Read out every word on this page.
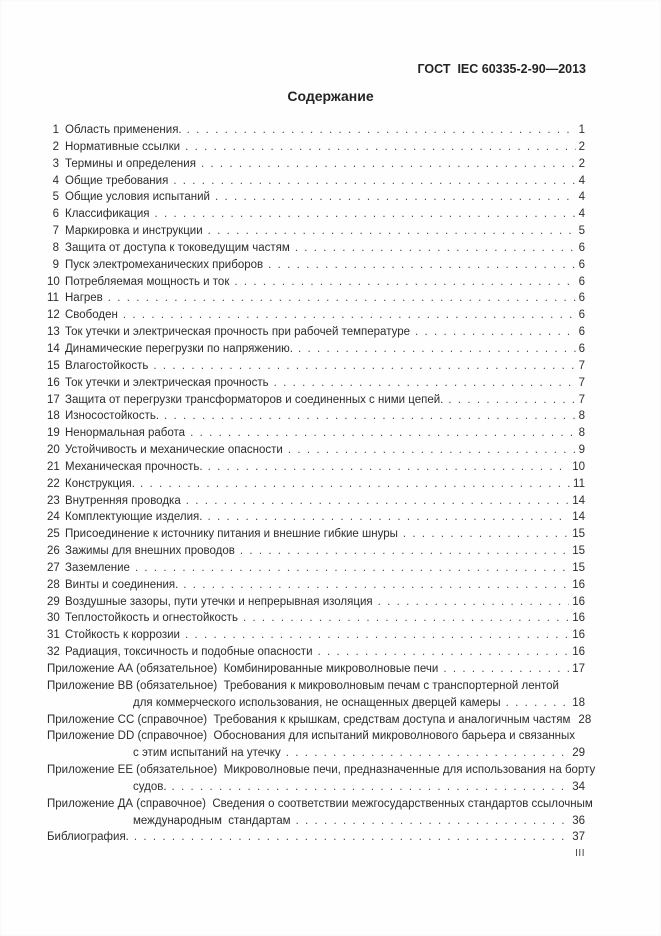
ГОСТ  IEC 60335-2-90—2013
Содержание
1 Область применения. .....	1
2 Нормативные ссылки .....	2
3 Термины и определения .....	2
4 Общие требования .....	4
5 Общие условия испытаний .....	4
6 Классификация .....	4
7 Маркировка и инструкции .....	5
8 Защита от доступа к токоведущим частям .....	6
9 Пуск электромеханических приборов .....	6
10 Потребляемая мощность и ток .....	6
11 Нагрев .....	6
12 Свободен .....	6
13 Ток утечки и электрическая прочность при рабочей температуре .....	6
14 Динамические перегрузки по напряжению. .....	6
15 Влагостойкость .....	7
16 Ток утечки и электрическая прочность .....	7
17 Защита от перегрузки трансформаторов и соединенных с ними цепей. .....	7
18 Износостойкость. .....	8
19 Ненормальная работа .....	8
20 Устойчивость и механические опасности .....	9
21 Механическая прочность. .....	10
22 Конструкция. .....	11
23 Внутренняя проводка .....	14
24 Комплектующие изделия. .....	14
25 Присоединение к источнику питания и внешние гибкие шнуры .....	15
26 Зажимы для внешних проводов .....	15
27 Заземление .....	15
28 Винты и соединения. .....	16
29 Воздушные зазоры, пути утечки и непрерывная изоляция .....	16
30 Теплостойкость и огнестойкость .....	16
31 Стойкость к коррозии .....	16
32 Радиация, токсичность и подобные опасности .....	16
Приложение АА (обязательное)  Комбинированные микроволновые печи .....	17
Приложение ВВ (обязательное)  Требования к микроволновым печам с транспортерной лентой
для коммерческого использования, не оснащенных дверцей камеры .....	18
Приложение СС (справочное)  Требования к крышкам, средствам доступа и аналогичным частям 28
Приложение DD (справочное)  Обоснования для испытаний микроволнового барьера и связанных
с этим испытаний на утечку .....	29
Приложение ЕЕ (обязательное)  Микроволновые печи, предназначенные для использования на борту
судов. .....	34
Приложение ДА (справочное)  Сведения о соответствии межгосударственных стандартов ссылочным
международным  стандартам .....	36
Библиография. .....	37
III
